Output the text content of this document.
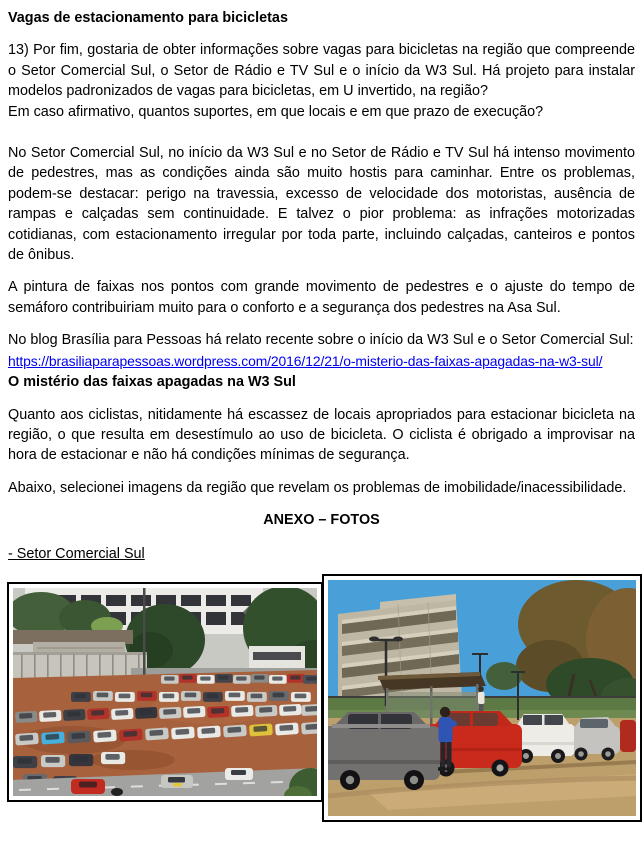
Vagas de estacionamento para bicicletas

13) Por fim, gostaria de obter informações sobre vagas para bicicletas na região que compreende o Setor Comercial Sul, o Setor de Rádio e TV Sul e o início da W3 Sul. Há projeto para instalar modelos padronizados de vagas para bicicletas, em U invertido, na região?
Em caso afirmativo, quantos suportes, em que locais e em que prazo de execução?

No Setor Comercial Sul, no início da W3 Sul e no Setor de Rádio e TV Sul há intenso movimento de pedestres, mas as condições ainda são muito hostis para caminhar. Entre os problemas, podem-se destacar: perigo na travessia, excesso de velocidade dos motoristas, ausência de rampas e calçadas sem continuidade. E talvez o pior problema: as infrações motorizadas cotidianas, com estacionamento irregular por toda parte, incluindo calçadas, canteiros e pontos de ônibus.

A pintura de faixas nos pontos com grande movimento de pedestres e o ajuste do tempo de semáforo contribuiriam muito para o conforto e a segurança dos pedestres na Asa Sul.

No blog Brasília para Pessoas há relato recente sobre o início da W3 Sul e o Setor Comercial Sul:

https://brasiliaparapessoas.wordpress.com/2016/12/21/o-misterio-das-faixas-apagadas-na-w3-sul/

O mistério das faixas apagadas na W3 Sul

Quanto aos ciclistas, nitidamente há escassez de locais apropriados para estacionar bicicleta na região, o que resulta em desestímulo ao uso de bicicleta. O ciclista é obrigado a improvisar na hora de estacionar e não há condições mínimas de segurança.

Abaixo, selecionei imagens da região que revelam os problemas de imobilidade/inacessibilidade.

ANEXO – FOTOS

- Setor Comercial Sul
